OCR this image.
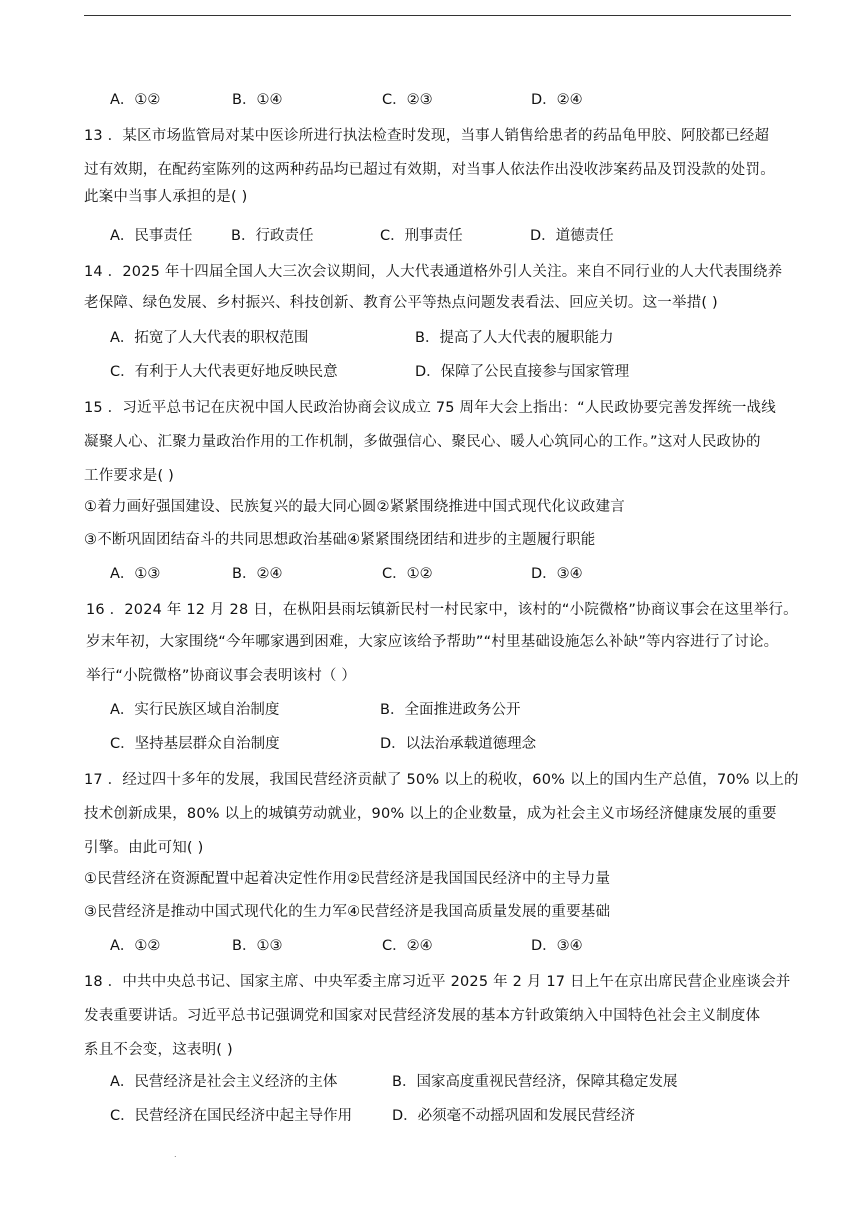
A．①②	B．①④	C．②③	D．②④
13 ．某区市场监管局对某中医诊所进行执法检查时发现，当事人销售给患者的药品龟甲胶、阿胶都已经超
过有效期，在配药室陈列的这两种药品均已超过有效期，对当事人依法作出没收涉案药品及罚没款的处罚。
此案中当事人承担的是( )
A．民事责任	B．行政责任	C．刑事责任	D．道德责任
14 ．2025 年十四届全国人大三次会议期间，人大代表通道格外引人关注。来自不同行业的人大代表围绕养
老保障、绿色发展、乡村振兴、科技创新、教育公平等热点问题发表看法、回应关切。这一举措( )
A．拓宽了人大代表的职权范围	B．提高了人大代表的履职能力
C．有利于人大代表更好地反映民意	D．保障了公民直接参与国家管理
15 ．习近平总书记在庆祝中国人民政治协商会议成立 75 周年大会上指出：“人民政协要完善发挥统一战线
凝聚人心、汇聚力量政治作用的工作机制，多做强信心、聚民心、暖人心筑同心的工作。”这对人民政协的
工作要求是( )
①着力画好强国建设、民族复兴的最大同心圆②紧紧围绕推进中国式现代化议政建言
③不断巩固团结奋斗的共同思想政治基础④紧紧围绕团结和进步的主题履行职能
A．①③	B．②④	C．①②	D．③④
16 ．2024 年 12 月 28 日，在枞阳县雨坛镇新民村一村民家中，该村的“小院微格”协商议事会在这里举行。
岁末年初，大家围绕“今年哪家遇到困难，大家应该给予帮助”“村里基础设施怎么补缺”等内容进行了讨论。
举行“小院微格”协商议事会表明该村（ ）
A．实行民族区域自治制度	B．全面推进政务公开
C．坚持基层群众自治制度	D．以法治承载道德理念
17 ．经过四十多年的发展，我国民营经济贡献了 50% 以上的税收，60% 以上的国内生产总值，70% 以上的
技术创新成果，80% 以上的城镇劳动就业，90% 以上的企业数量，成为社会主义市场经济健康发展的重要
引擎。由此可知( )
①民营经济在资源配置中起着决定性作用②民营经济是我国国民经济中的主导力量
③民营经济是推动中国式现代化的生力军④民营经济是我国高质量发展的重要基础
A．①②	B．①③	C．②④	D．③④
18 ．中共中央总书记、国家主席、中央军委主席习近平 2025 年 2 月 17 日上午在京出席民营企业座谈会并
发表重要讲话。习近平总书记强调党和国家对民营经济发展的基本方针政策纳入中国特色社会主义制度体
系且不会变，这表明( )
A．民营经济是社会主义经济的主体	B．国家高度重视民营经济，保障其稳定发展
C．民营经济在国民经济中起主导作用	D．必须毫不动摇巩固和发展民营经济
.
